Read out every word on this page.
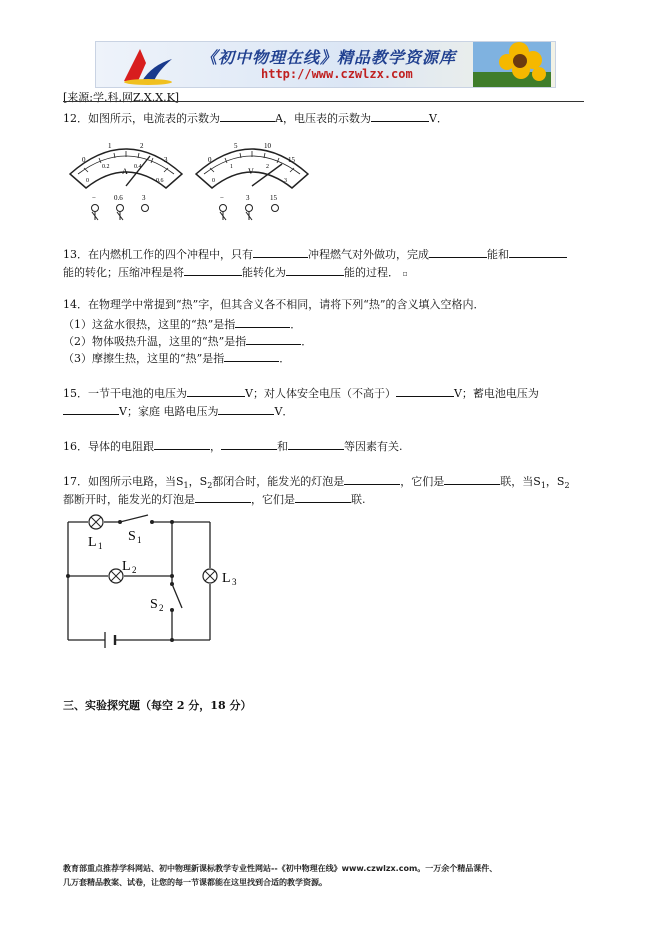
《初中物理在线》精品教学资源库
http://www.czwlzx.com
[来源:学.科.网Z.X.X.K]
12．如图所示，电流表的示数为	A，电压表的示数为	V．
0
1	2
3
0
0.2	0.4
0.6
A
−	0.6	3
0
5	10
15
0
1	2
3
V
−	3	15
13．在内燃机工作的四个冲程中，只有	冲程燃气对外做功，完成	能和
能的转化；压缩冲程是将	能转化为	能的过程． ▫
14．在物理学中常提到“热”字，但其含义各不相同，请将下列“热”的含义填入空格内．
（1）这盆水很热，这里的“热”是指	．
（2）物体吸热升温，这里的“热”是指	．
（3）摩擦生热，这里的“热”是指	．
15．一节干电池的电压为	V；对人体安全电压（不高于）	V；蓄电池电压为
V；家庭 电路电压为	V．
16．导体的电阻跟	，	和	等因素有关.
17．如图所示电路，当$S_1$，$S_2$都闭合时，能发光的灯泡是	，它们是	联，当$S_1$，$S_2$
都断开时，能发光的灯泡是	，它们是	联.
L 1
S 1
L 2
L 3
S 2
三、实验探究题（每空 2 分，18 分）
教育部重点推荐学科网站、初中物理新课标教学专业性网站--《初中物理在线》www.czwlzx.com。一万余个精品课件、
几万套精品教案、试卷，让您的每一节课都能在这里找到合适的教学资源。
